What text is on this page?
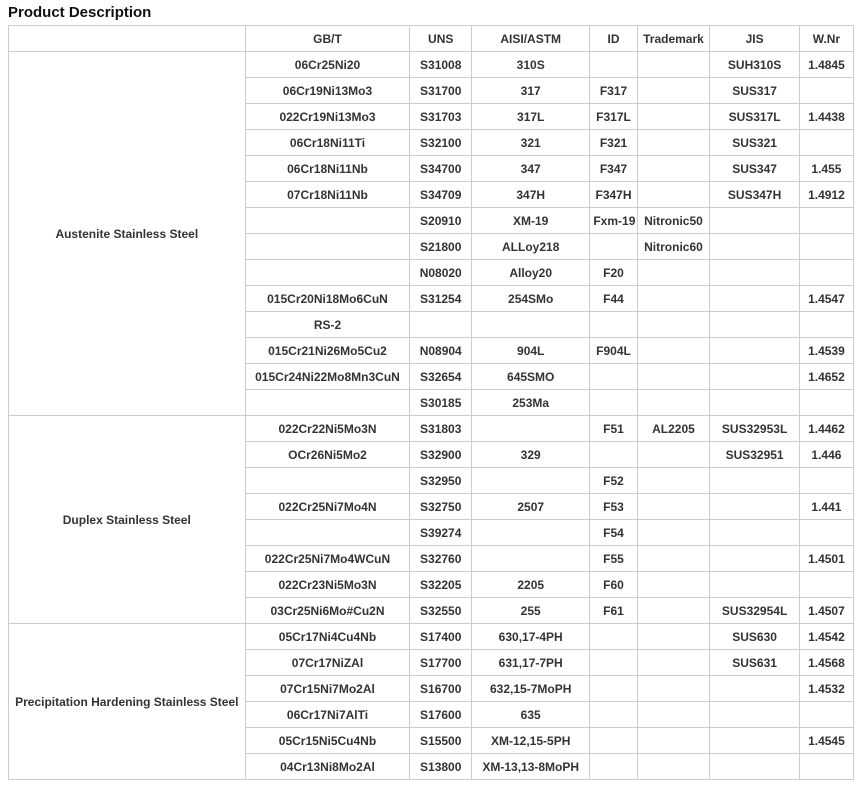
Product Description
	GB/T	UNS	AISI/ASTM	ID	Trademark	JIS	W.Nr
Austenite Stainless Steel	06Cr25Ni20	S31008	310S			SUH310S	1.4845
	06Cr19Ni13Mo3	S31700	317	F317		SUS317	
	022Cr19Ni13Mo3	S31703	317L	F317L		SUS317L	1.4438
	06Cr18Ni11Ti	S32100	321	F321		SUS321	
	06Cr18Ni11Nb	S34700	347	F347		SUS347	1.455
	07Cr18Ni11Nb	S34709	347H	F347H		SUS347H	1.4912
		S20910	XM-19	Fxm-19	Nitronic50		
		S21800	ALLoy218		Nitronic60		
		N08020	Alloy20	F20			
	015Cr20Ni18Mo6CuN	S31254	254SMo	F44			1.4547
	RS-2						
	015Cr21Ni26Mo5Cu2	N08904	904L	F904L			1.4539
	015Cr24Ni22Mo8Mn3CuN	S32654	645SMO				1.4652
		S30185	253Ma				
Duplex Stainless Steel	022Cr22Ni5Mo3N	S31803		F51	AL2205	SUS32953L	1.4462
	OCr26Ni5Mo2	S32900	329			SUS32951	1.446
		S32950		F52			
	022Cr25Ni7Mo4N	S32750	2507	F53			1.441
		S39274		F54			
	022Cr25Ni7Mo4WCuN	S32760		F55			1.4501
	022Cr23Ni5Mo3N	S32205	2205	F60			
	03Cr25Ni6Mo#Cu2N	S32550	255	F61		SUS32954L	1.4507
Precipitation Hardening Stainless Steel	05Cr17Ni4Cu4Nb	S17400	630,17-4PH			SUS630	1.4542
	07Cr17NiZAl	S17700	631,17-7PH			SUS631	1.4568
	07Cr15Ni7Mo2Al	S16700	632,15-7MoPH				1.4532
	06Cr17Ni7AlTi	S17600	635				
	05Cr15Ni5Cu4Nb	S15500	XM-12,15-5PH				1.4545
	04Cr13Ni8Mo2Al	S13800	XM-13,13-8MoPH				
